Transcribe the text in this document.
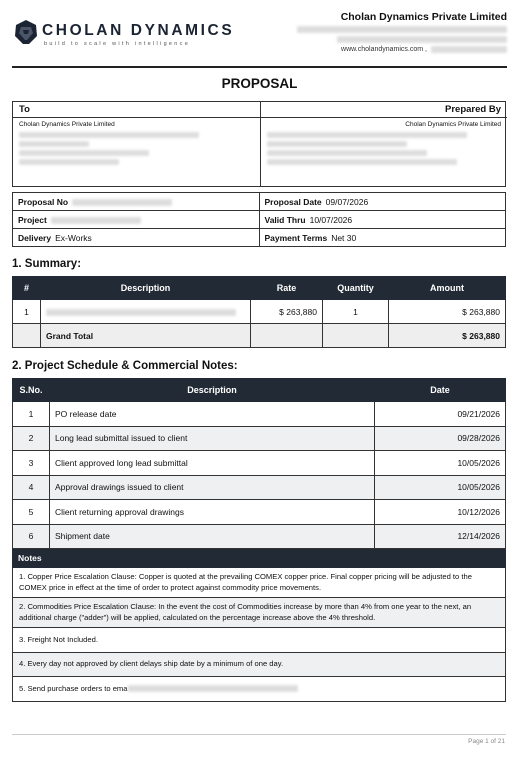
CHOLAN DYNAMICS
build to scale with intelligence
Cholan Dynamics Private Limited
www.cholandynamics.com ,
PROPOSAL
To
Cholan Dynamics Private Limited
Prepared By
Cholan Dynamics Private Limited
Proposal No	Proposal Date 09/07/2026
Project	Valid Thru 10/07/2026
Delivery Ex-Works	Payment Terms Net 30
1. Summary:
#	Description	Rate	Quantity	Amount
1		$ 263,880	1	$ 263,880
	Grand Total			$ 263,880
2. Project Schedule & Commercial Notes:
S.No.	Description	Date
1	PO release date	09/21/2026
2	Long lead submittal issued to client	09/28/2026
3	Client approved long lead submittal	10/05/2026
4	Approval drawings issued to client	10/05/2026
5	Client returning approval drawings	10/12/2026
6	Shipment date	12/14/2026
Notes		
1. Copper Price Escalation Clause: Copper is quoted at the prevailing COMEX copper price. Final copper pricing will be adjusted to the COMEX price in effect at the time of order to protect against commodity price movements.		
2. Commodities Price Escalation Clause: In the event the cost of Commodities increase by more than 4% from one year to the next, an additional charge ("adder") will be applied, calculated on the percentage increase above the 4% threshold.		
3. Freight Not Included.		
4. Every day not approved by client delays ship date by a minimum of one day.		
5. Send purchase orders to ema		
Page 1 of 21
